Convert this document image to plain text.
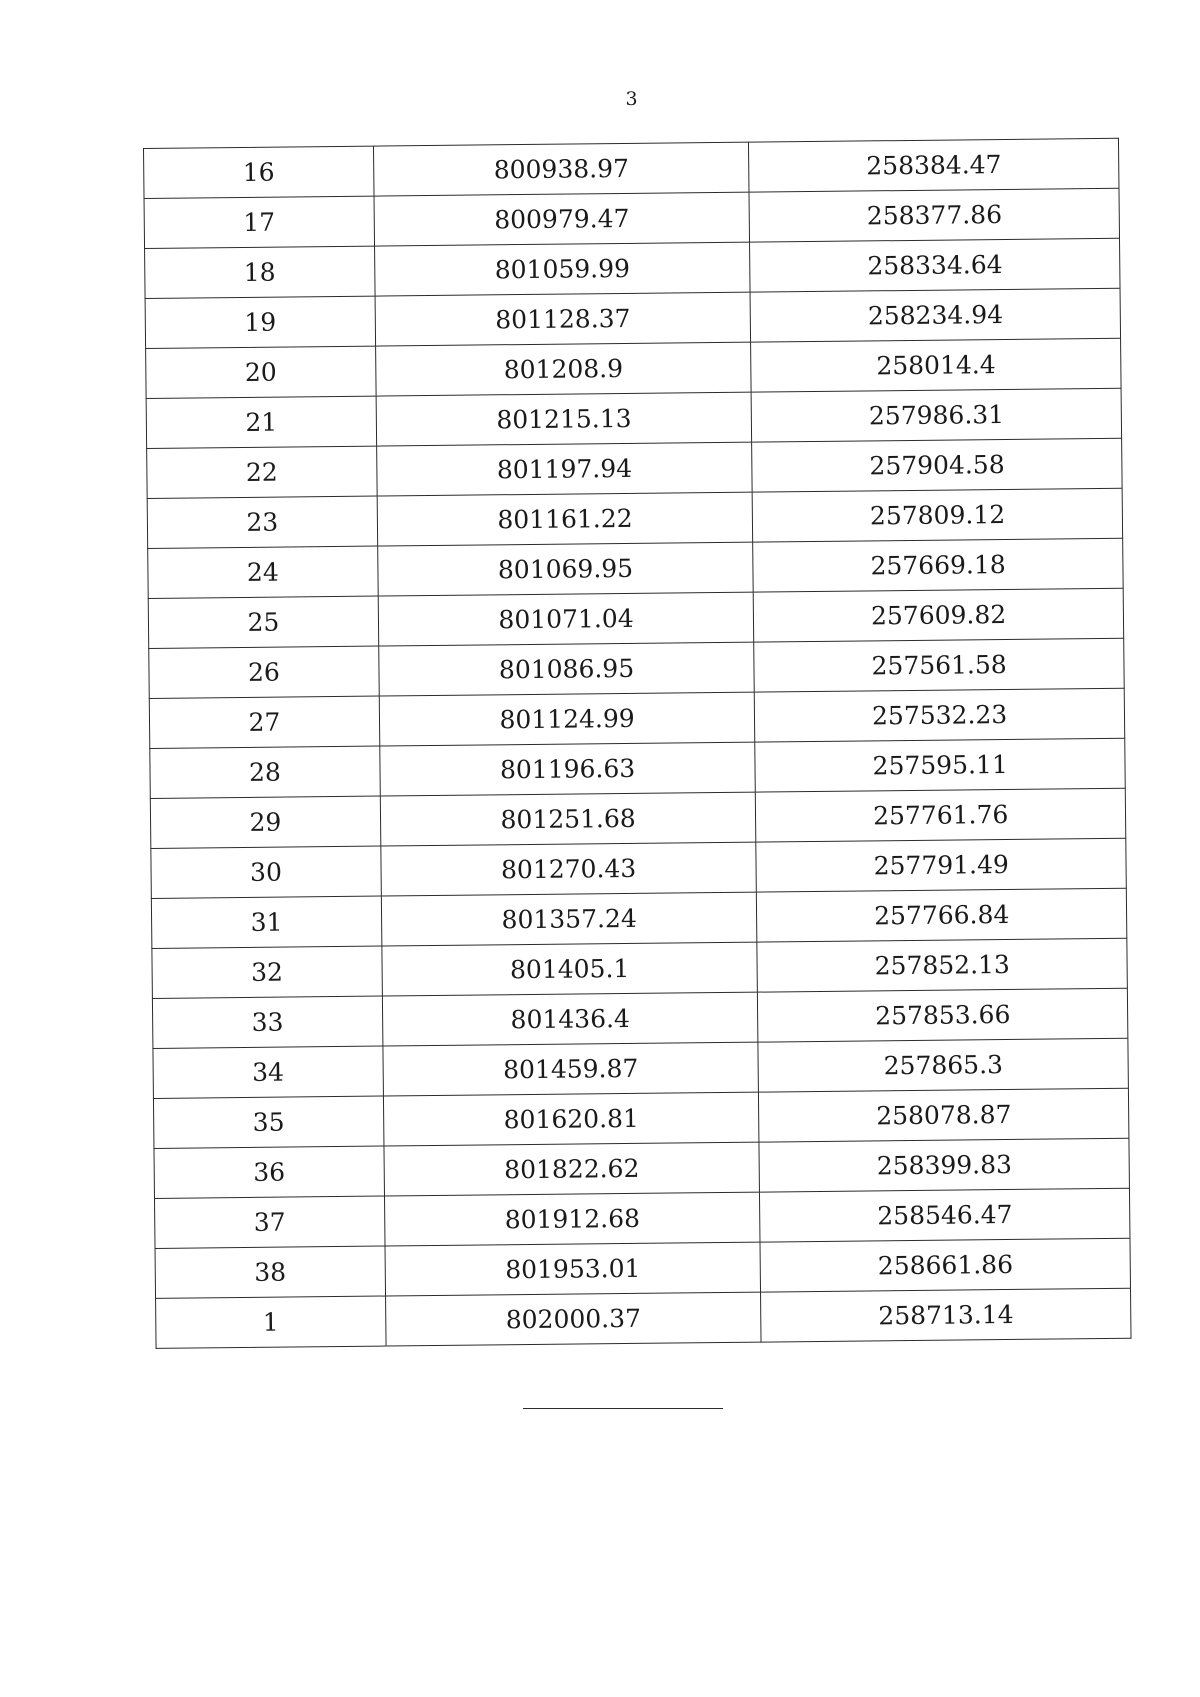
3
16	800938.97	258384.47
17	800979.47	258377.86
18	801059.99	258334.64
19	801128.37	258234.94
20	801208.9	258014.4
21	801215.13	257986.31
22	801197.94	257904.58
23	801161.22	257809.12
24	801069.95	257669.18
25	801071.04	257609.82
26	801086.95	257561.58
27	801124.99	257532.23
28	801196.63	257595.11
29	801251.68	257761.76
30	801270.43	257791.49
31	801357.24	257766.84
32	801405.1	257852.13
33	801436.4	257853.66
34	801459.87	257865.3
35	801620.81	258078.87
36	801822.62	258399.83
37	801912.68	258546.47
38	801953.01	258661.86
1	802000.37	258713.14
